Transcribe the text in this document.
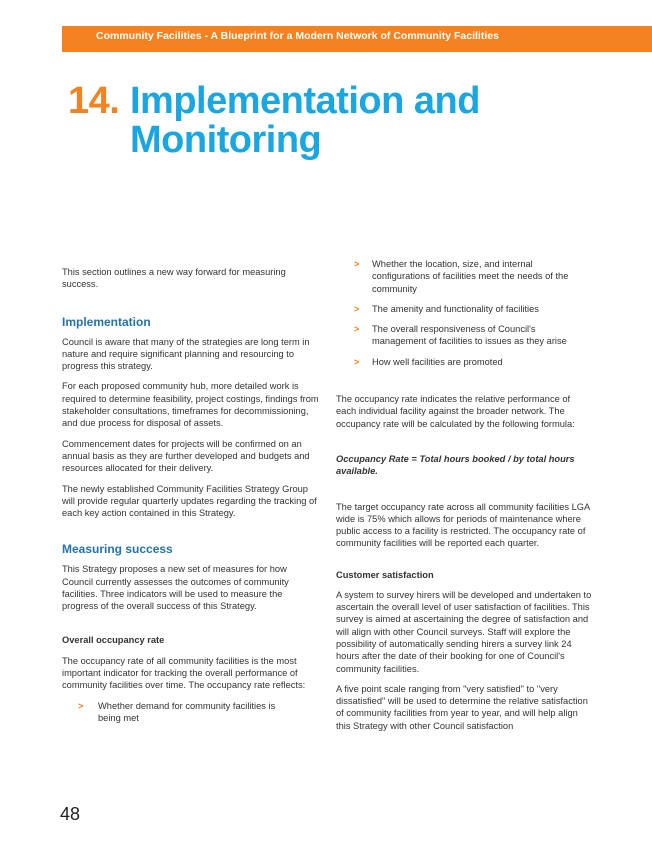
Community Facilities - A Blueprint for a Modern Network of Community Facilities
14. Implementation and
Monitoring

This section outlines a new way forward for measuring success.

Implementation

Council is aware that many of the strategies are long term in nature and require significant planning and resourcing to progress this strategy.

For each proposed community hub, more detailed work is required to determine feasibility, project costings, findings from stakeholder consultations, timeframes for decommissioning, and due process for disposal of assets.

Commencement dates for projects will be confirmed on an annual basis as they are further developed and budgets and resources allocated for their delivery.

The newly established Community Facilities Strategy Group will provide regular quarterly updates regarding the tracking of each key action contained in this Strategy.

Measuring success

This Strategy proposes a new set of measures for how Council currently assesses the outcomes of community facilities. Three indicators will be used to measure the progress of the overall success of this Strategy.

Overall occupancy rate

The occupancy rate of all community facilities is the most important indicator for tracking the overall performance of community facilities over time. The occupancy rate reflects:

> Whether demand for community facilities is being met
> Whether the location, size, and internal configurations of facilities meet the needs of the community
> The amenity and functionality of facilities
> The overall responsiveness of Council's management of facilities to issues as they arise
> How well facilities are promoted

The occupancy rate indicates the relative performance of each individual facility against the broader network. The occupancy rate will be calculated by the following formula:

Occupancy Rate = Total hours booked / by total hours available.

The target occupancy rate across all community facilities LGA wide is 75% which allows for periods of maintenance where public access to a facility is restricted. The occupancy rate of community facilities will be reported each quarter.

Customer satisfaction

A system to survey hirers will be developed and undertaken to ascertain the overall level of user satisfaction of facilities. This survey is aimed at ascertaining the degree of satisfaction and will align with other Council surveys. Staff will explore the possibility of automatically sending hirers a survey link 24 hours after the date of their booking for one of Council's community facilities.

A five point scale ranging from "very satisfied" to "very dissatisfied" will be used to determine the relative satisfaction of community facilities from year to year, and will help align this Strategy with other Council satisfaction

48
